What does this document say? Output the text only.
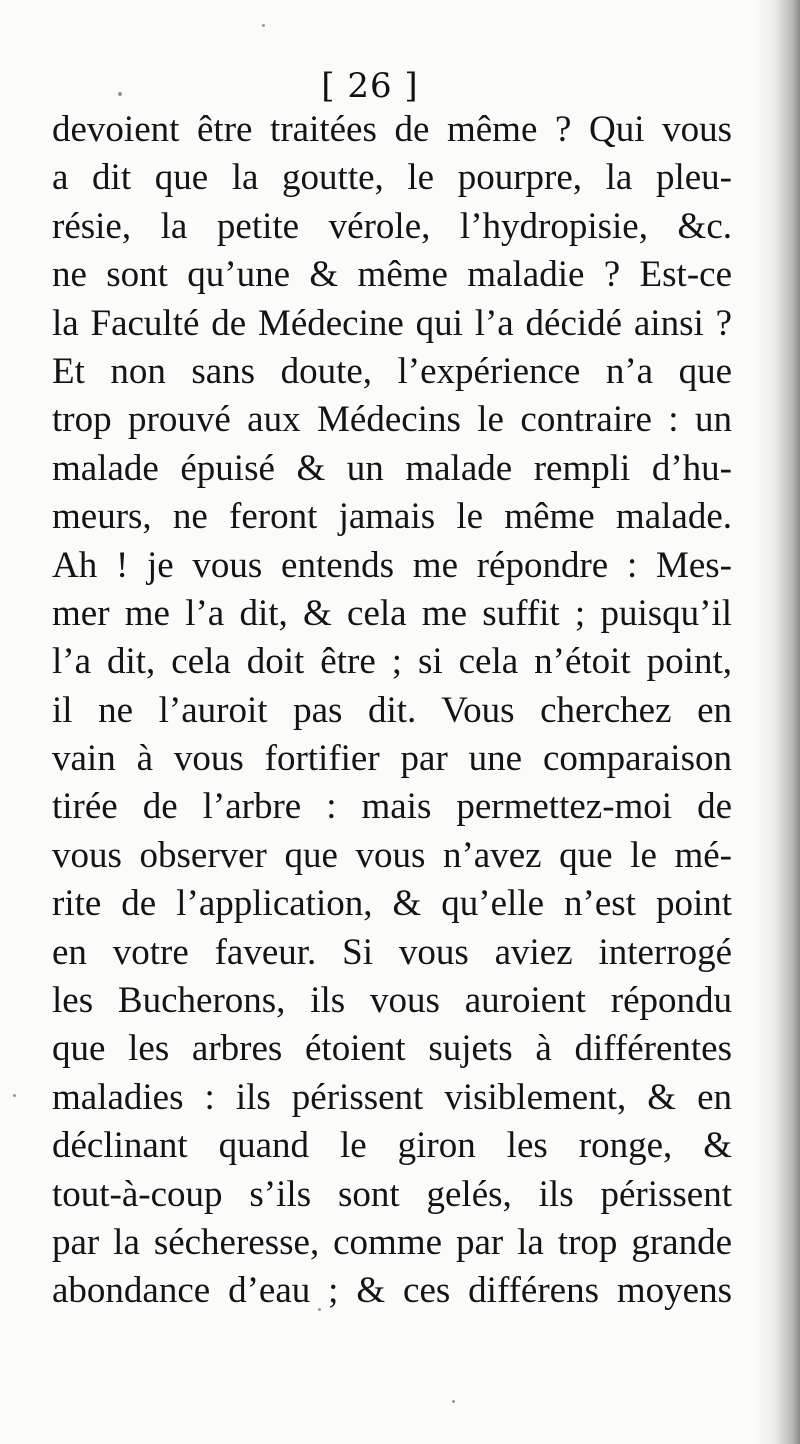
[ 26 ]
devoient être traitées de même ? Qui vous
a dit que la goutte, le pourpre, la pleu-
résie, la petite vérole, l’hydropisie, &c.
ne sont qu’une & même maladie ? Est-ce
la Faculté de Médecine qui l’a décidé ainsi ?
Et non sans doute, l’expérience n’a que
trop prouvé aux Médecins le contraire : un
malade épuisé & un malade rempli d’hu-
meurs, ne feront jamais le même malade.
Ah ! je vous entends me répondre : Mes-
mer me l’a dit, & cela me suffit ; puisqu’il
l’a dit, cela doit être ; si cela n’étoit point,
il ne l’auroit pas dit. Vous cherchez en
vain à vous fortifier par une comparaison
tirée de l’arbre : mais permettez-moi de
vous observer que vous n’avez que le mé-
rite de l’application, & qu’elle n’est point
en votre faveur. Si vous aviez interrogé
les Bucherons, ils vous auroient répondu
que les arbres étoient sujets à différentes
maladies : ils périssent visiblement, & en
déclinant quand le giron les ronge, &
tout-à-coup s’ils sont gelés, ils périssent
par la sécheresse, comme par la trop grande
abondance d’eau ; & ces différens moyens
